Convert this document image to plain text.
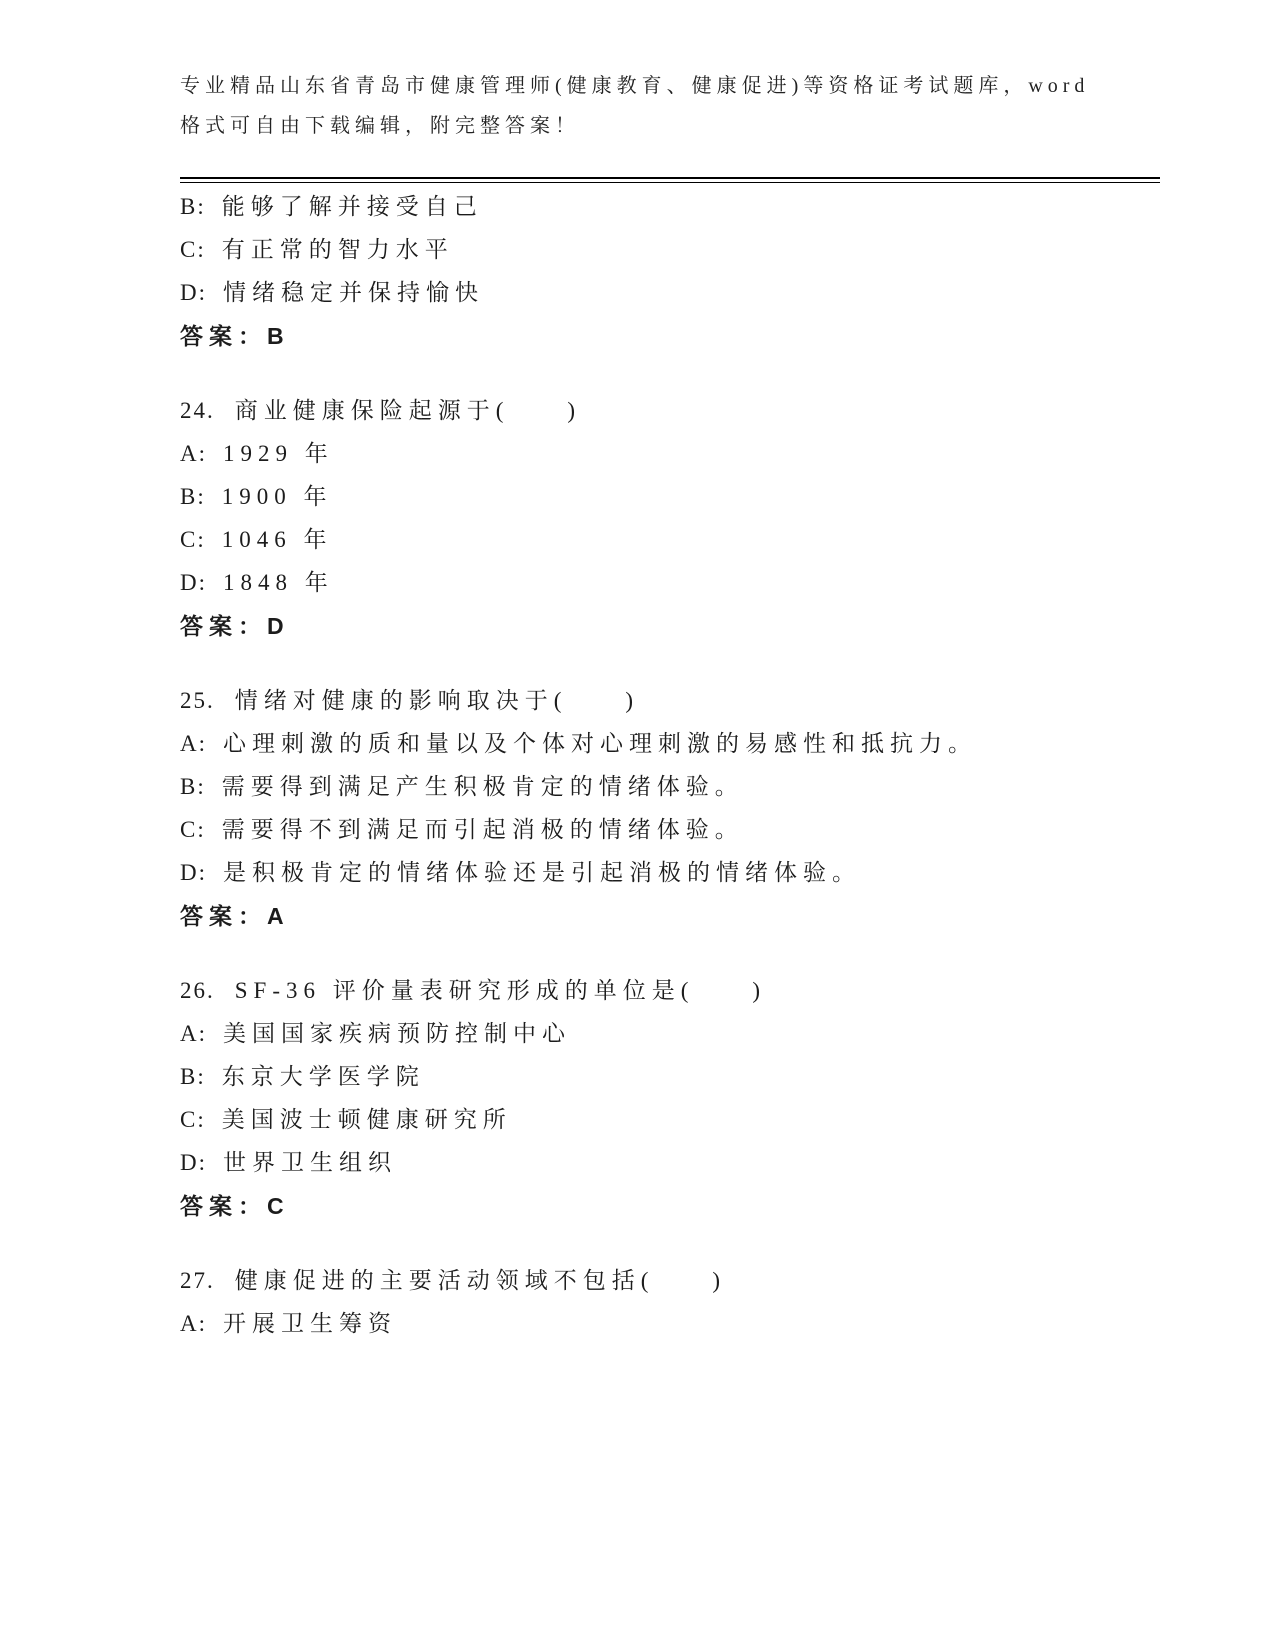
专业精品山东省青岛市健康管理师(健康教育、健康促进)等资格证考试题库，word

格式可自由下载编辑，附完整答案！

B: 能够了解并接受自己

C: 有正常的智力水平

D: 情绪稳定并保持愉快

答案：B

24. 商业健康保险起源于(　　)

A: 1929 年

B: 1900 年

C: 1046 年

D: 1848 年

答案：D

25. 情绪对健康的影响取决于(　　)

A: 心理刺激的质和量以及个体对心理刺激的易感性和抵抗力。

B: 需要得到满足产生积极肯定的情绪体验。

C: 需要得不到满足而引起消极的情绪体验。

D: 是积极肯定的情绪体验还是引起消极的情绪体验。

答案：A

26. SF-36 评价量表研究形成的单位是(　　)

A: 美国国家疾病预防控制中心

B: 东京大学医学院

C: 美国波士顿健康研究所

D: 世界卫生组织

答案：C

27. 健康促进的主要活动领域不包括(　　)

A: 开展卫生筹资
